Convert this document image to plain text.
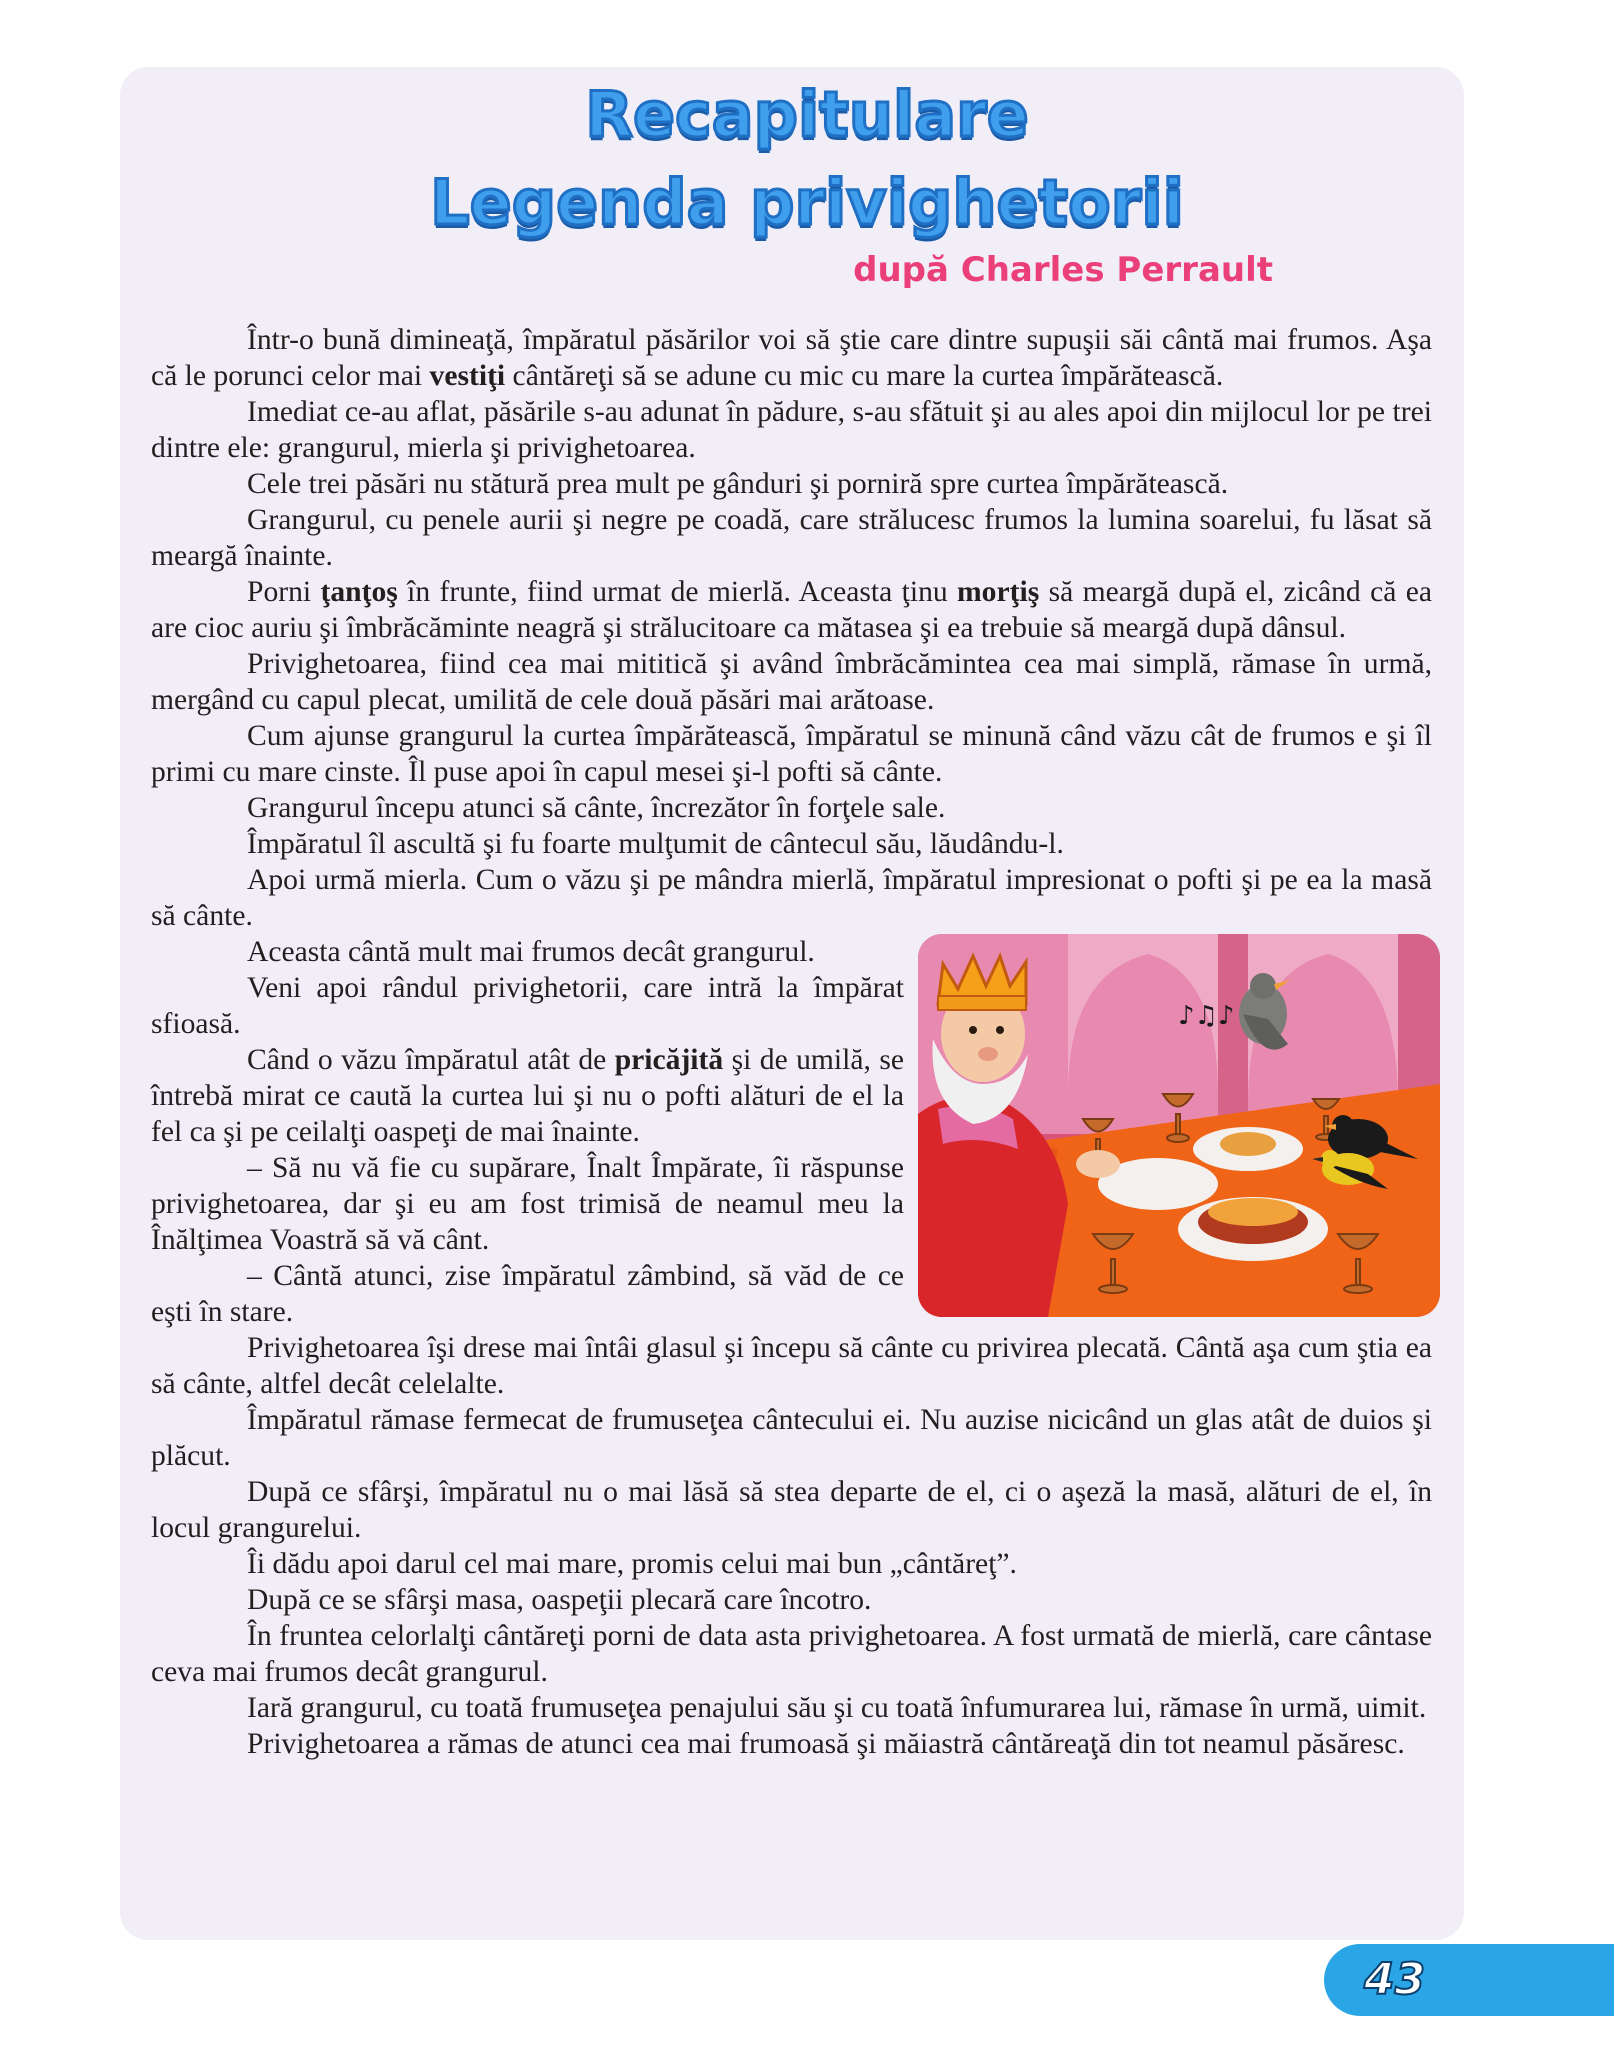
Recapitulare
Legenda privighetorii
după Charles Perrault

Într-o bună dimineaţă, împăratul păsărilor voi să ştie care dintre supuşii săi cântă mai frumos. Aşa că le porunci celor mai vestiţi cântăreţi să se adune cu mic cu mare la curtea împărătească.

Imediat ce-au aflat, păsările s-au adunat în pădure, s-au sfătuit şi au ales apoi din mijlocul lor pe trei dintre ele: grangurul, mierla şi privighetoarea.

Cele trei păsări nu stătură prea mult pe gânduri şi porniră spre curtea împărătească.

Grangurul, cu penele aurii şi negre pe coadă, care strălucesc frumos la lumina soarelui, fu lăsat să meargă înainte.

Porni ţanţoş în frunte, fiind urmat de mierlă. Aceasta ţinu morţiş să meargă după el, zicând că ea are cioc auriu şi îmbrăcăminte neagră şi strălucitoare ca mătasea şi ea trebuie să meargă după dânsul.

Privighetoarea, fiind cea mai mititică şi având îmbrăcămintea cea mai simplă, rămase în urmă, mergând cu capul plecat, umilită de cele două păsări mai arătoase.

Cum ajunse grangurul la curtea împărătească, împăratul se minună când văzu cât de frumos e şi îl primi cu mare cinste. Îl puse apoi în capul mesei şi-l pofti să cânte.

Grangurul începu atunci să cânte, încrezător în forţele sale.

Împăratul îl ascultă şi fu foarte mulţumit de cântecul său, lăudându-l.

Apoi urmă mierla. Cum o văzu şi pe mândra mierlă, împăratul impresionat o pofti şi pe ea la masă să cânte.

♪♫♪

Aceasta cântă mult mai frumos decât grangurul.

Veni apoi rândul privighetorii, care intră la împărat sfioasă.

Când o văzu împăratul atât de pricăjită şi de umilă, se întrebă mirat ce caută la curtea lui şi nu o pofti alături de el la fel ca şi pe ceilalţi oaspeţi de mai înainte.

– Să nu vă fie cu supărare, Înalt Împărate, îi răspunse privighetoarea, dar şi eu am fost trimisă de neamul meu la Înălţimea Voastră să vă cânt.

– Cântă atunci, zise împăratul zâmbind, să văd de ce eşti în stare.

Privighetoarea îşi drese mai întâi glasul şi începu să cânte cu privirea plecată. Cântă aşa cum ştia ea să cânte, altfel decât celelalte.

Împăratul rămase fermecat de frumuseţea cântecului ei. Nu auzise nicicând un glas atât de duios şi plăcut.

După ce sfârşi, împăratul nu o mai lăsă să stea departe de el, ci o aşeză la masă, alături de el, în locul grangurelui.

Îi dădu apoi darul cel mai mare, promis celui mai bun „cântăreţ”.

După ce se sfârşi masa, oaspeţii plecară care încotro.

În fruntea celorlalţi cântăreţi porni de data asta privighetoarea. A fost urmată de mierlă, care cântase ceva mai frumos decât grangurul.

Iară grangurul, cu toată frumuseţea penajului său şi cu toată înfumurarea lui, rămase în urmă, uimit.

Privighetoarea a rămas de atunci cea mai frumoasă şi măiastră cântăreaţă din tot neamul păsăresc.

43
